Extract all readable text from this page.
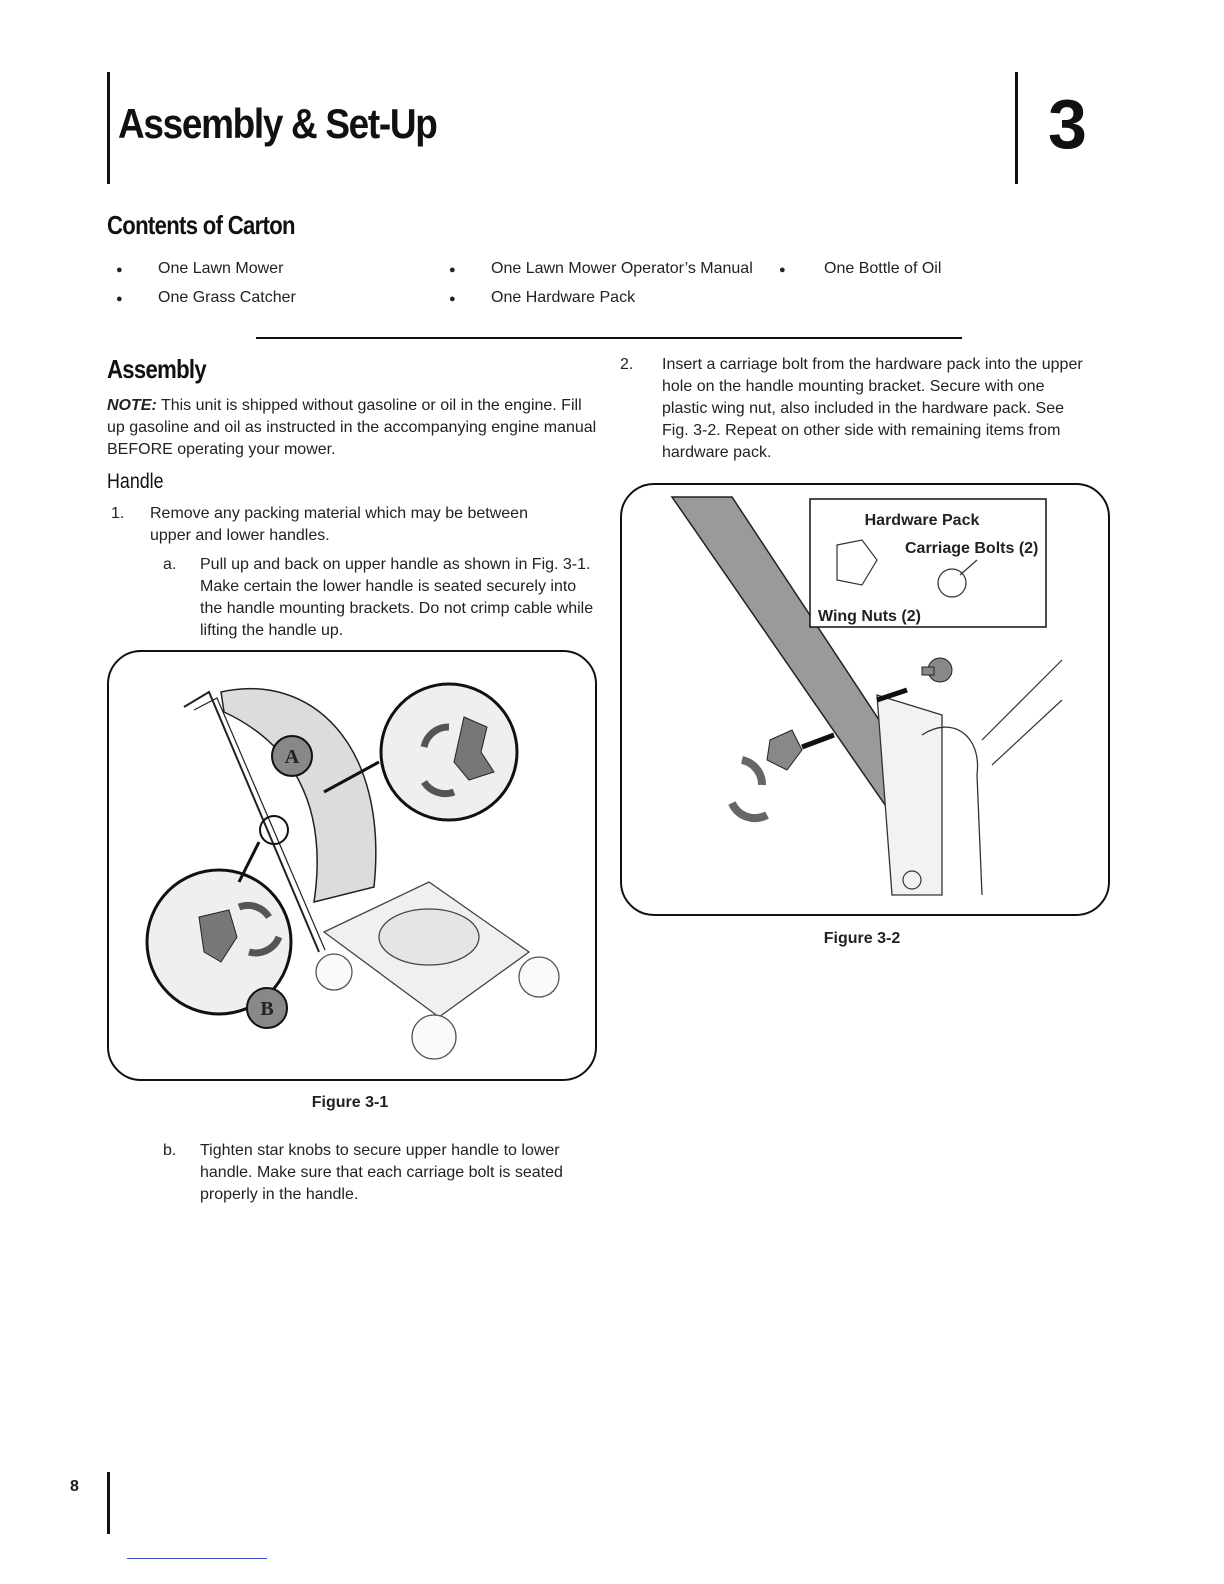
Assembly & Set-Up	3
Contents of Carton
● One Lawn Mower
● One Grass Catcher
● One Lawn Mower Operator’s Manual
● One Hardware Pack
● One Bottle of Oil
Assembly
NOTE: This unit is shipped without gasoline or oil in the engine. Fill up gasoline and oil as instructed in the accompanying engine manual BEFORE operating your mower.
Handle
1. Remove any packing material which may be between upper and lower handles.
a. Pull up and back on upper handle as shown in Fig. 3-1. Make certain the lower handle is seated securely into the handle mounting brackets. Do not crimp cable while lifting the handle up.
A
B
Figure 3-1
b. Tighten star knobs to secure upper handle to lower handle. Make sure that each carriage bolt is seated properly in the handle.
2. Insert a carriage bolt from the hardware pack into the upper hole on the handle mounting bracket. Secure with one plastic wing nut, also included in the hardware pack. See Fig. 3-2. Repeat on other side with remaining items from hardware pack.
Hardware Pack
Carriage Bolts (2)
Wing Nuts (2)
Figure 3-2
8
